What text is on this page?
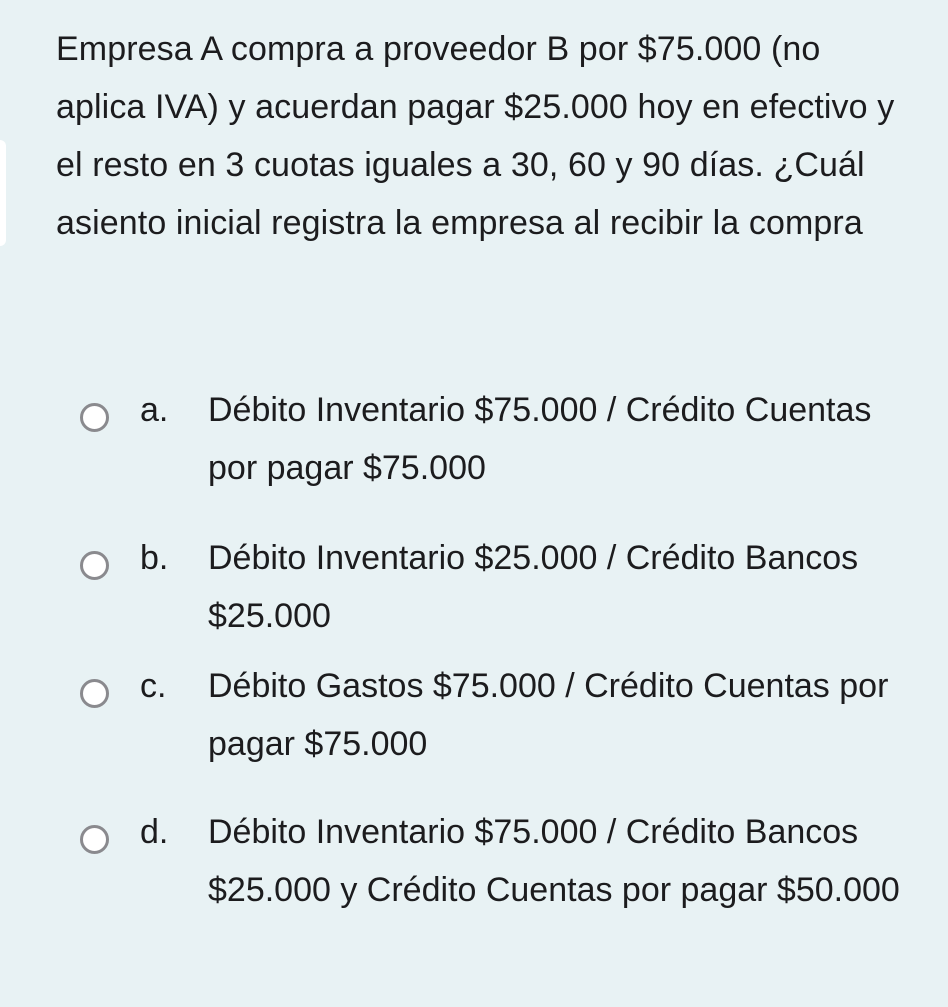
Empresa A compra a proveedor B por $75.000 (no aplica IVA) y acuerdan pagar $25.000 hoy en efectivo y el resto en 3 cuotas iguales a 30, 60 y 90 días. ¿Cuál asiento inicial registra la empresa al recibir la compra

a. Débito Inventario $75.000 / Crédito Cuentas por pagar $75.000
b. Débito Inventario $25.000 / Crédito Bancos $25.000
c. Débito Gastos $75.000 / Crédito Cuentas por pagar $75.000
d. Débito Inventario $75.000 / Crédito Bancos $25.000 y Crédito Cuentas por pagar $50.000
